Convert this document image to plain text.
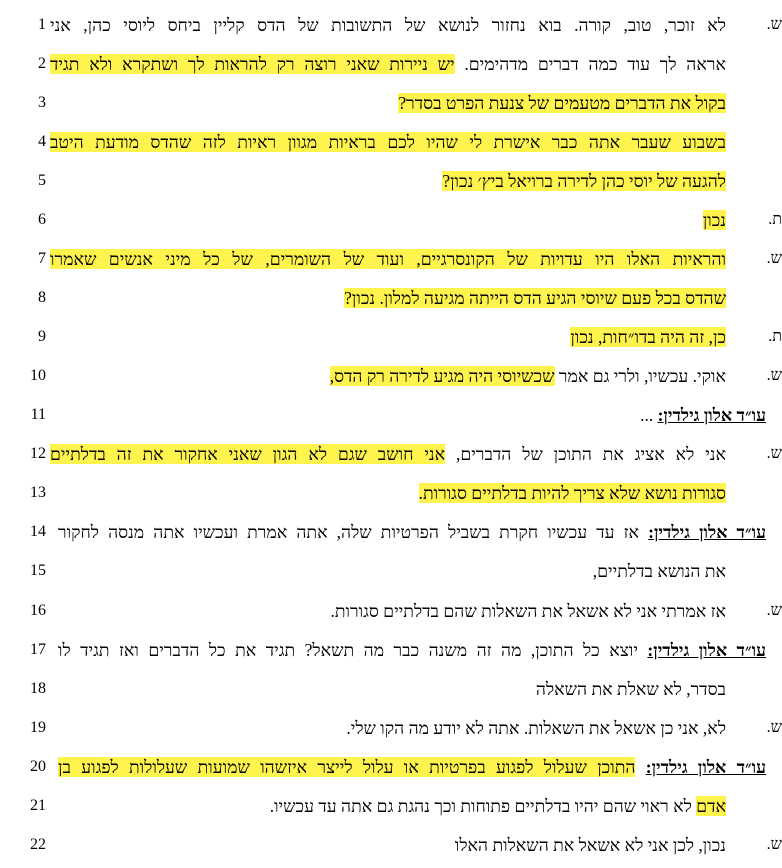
1	ש.
לא זוכר, טוב, קורה. בוא נחזור לנושא של התשובות של הדס קליין ביחס ליוסי כהן, אני
2	אראה לך עוד כמה דברים מדהימים. יש ניירות שאני רוצה רק להראות לך ושתקרא ולא תגיד
3	בקול את הדברים מטעמים של צנעת הפרט בסדר?
4 בשבוע שעבר אתה כבר אישרת לי שהיו לכם בראיות מגוון ראיות לזה שהדס מודעת היטב
5	להגעה של יוסי כהן לדירה ברויאל ביץ׳ נכון?
6	ת.
נכון
7	ש.
והראיות האלו היו עדויות של הקונסרגיים, ועוד של השומרים, של כל מיני אנשים שאמרו
8	שהדס בכל פעם שיוסי הגיע הדס הייתה מגיעה למלון. נכון?
9	ת.
כן, זה היה בדו״חות, נכון
10	ש.
אוקי. עכשיו, ולרי גם אמר שכשיוסי היה מגיע לדירה רק הדס,
11	עו״ד אלון גילדין: ...
12	ש.
אני לא אציג את התוכן של הדברים, אני חושב שגם לא הגון שאני אחקור את זה בדלתיים
13	סגורות נושא שלא צריך להיות בדלתיים סגורות.
14	עו״ד אלון גילדין: אז עד עכשיו חקרת בשביל הפרטיות שלה, אתה אמרת ועכשיו אתה מנסה לחקור
15	את הנושא בדלתיים,
16	ש.
אז אמרתי אני לא אשאל את השאלות שהם בדלתיים סגורות.
17	עו״ד אלון גילדין: יוצא כל התוכן, מה זה משנה כבר מה תשאל? תגיד את כל הדברים ואז תגיד לו
18	בסדר, לא שאלת את השאלה
19	ש.
לא, אני כן אשאל את השאלות. אתה לא יודע מה הקו שלי.
20	עו״ד אלון גילדין: התוכן שעלול לפגוע בפרטיות או עלול לייצר איזשהו שמועות שעלולות לפגוע בן
21	אדם לא ראוי שהם יהיו בדלתיים פתוחות וכך נהגת גם אתה עד עכשיו.
22	ש.
נכון, לכן אני לא אשאל את השאלות האלו
